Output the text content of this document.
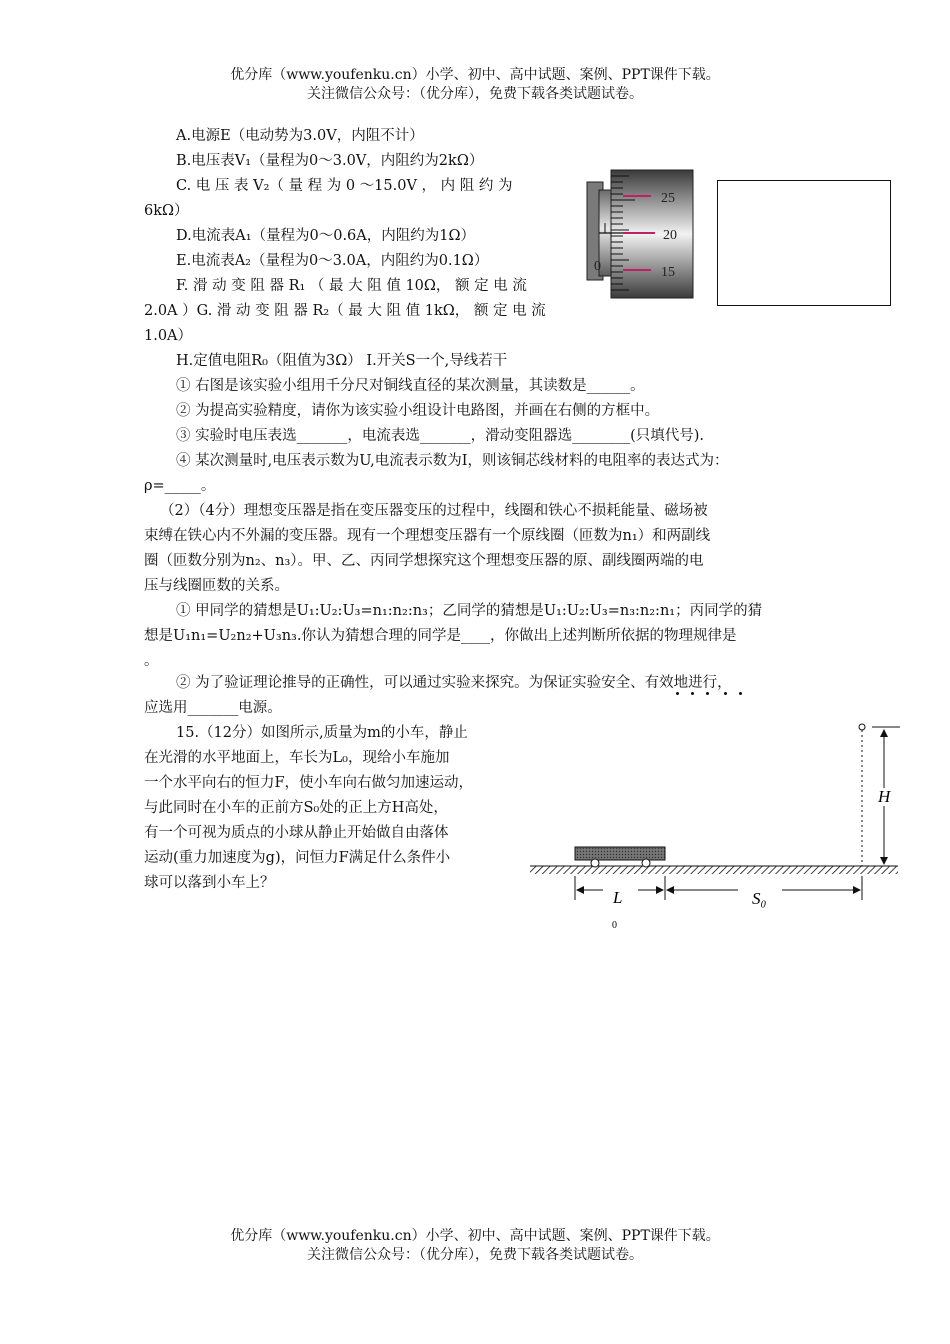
优分库（www.youfenku.cn）小学、初中、高中试题、案例、PPT课件下载。
关注微信公众号：（优分库），免费下载各类试题试卷。
A.电源E（电动势为3.0V，内阻不计）
B.电压表V₁（量程为0～3.0V，内阻约为2kΩ）
C. 电 压 表 V₂（ 量 程 为 0 ～15.0V ， 内 阻 约 为
6kΩ）
D.电流表A₁（量程为0～0.6A，内阻约为1Ω）
E.电流表A₂（量程为0～3.0A，内阻约为0.1Ω）
F. 滑 动 变 阻 器 R₁ （ 最 大 阻 值 10Ω， 额 定 电 流
2.0A ）G. 滑 动 变 阻 器 R₂（ 最 大 阻 值 1kΩ， 额 定 电 流
1.0A）
H.定值电阻R₀（阻值为3Ω） I.开关S一个,导线若干
25
20
15
0
① 右图是该实验小组用千分尺对铜线直径的某次测量，其读数是______。
② 为提高实验精度，请你为该实验小组设计电路图，并画在右侧的方框中。
③ 实验时电压表选_______，电流表选_______，滑动变阻器选________(只填代号).
④ 某次测量时,电压表示数为U,电流表示数为I，则该铜芯线材料的电阻率的表达式为：
ρ=_____。
（2）（4分）理想变压器是指在变压器变压的过程中，线圈和铁心不损耗能量、磁场被
束缚在铁心内不外漏的变压器。现有一个理想变压器有一个原线圈（匝数为n₁）和两副线
圈（匝数分别为n₂、n₃）。甲、乙、丙同学想探究这个理想变压器的原、副线圈两端的电
压与线圈匝数的关系。
① 甲同学的猜想是U₁:U₂:U₃=n₁:n₂:n₃；乙同学的猜想是U₁:U₂:U₃=n₃:n₂:n₁；丙同学的猜
想是U₁n₁=U₂n₂+U₃n₃.你认为猜想合理的同学是____，你做出上述判断所依据的物理规律是
。
② 为了验证理论推导的正确性，可以通过实验来探究。为保证实验安全、有效地进行，
应选用_______电源。
15.（12分）如图所示,质量为m的小车，静止
在光滑的水平地面上，车长为L₀，现给小车施加
一个水平向右的恒力F，使小车向右做匀加速运动，
与此同时在小车的正前方S₀处的正上方H高处，
有一个可视为质点的小球从静止开始做自由落体
运动(重力加速度为g)，问恒力F满足什么条件小
球可以落到小车上？
H
L
0
S₀
优分库（www.youfenku.cn）小学、初中、高中试题、案例、PPT课件下载。
关注微信公众号：（优分库），免费下载各类试题试卷。
